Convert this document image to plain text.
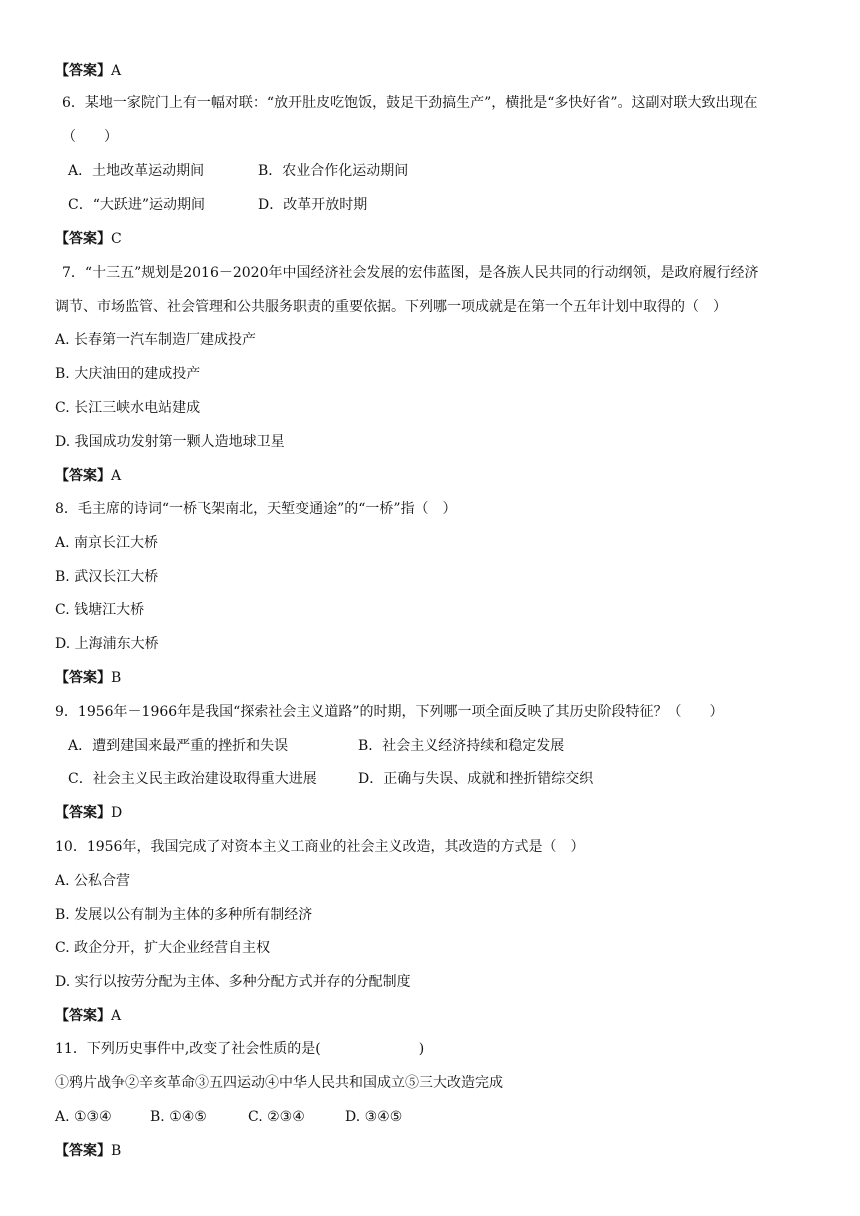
【答案】A
6．某地一家院门上有一幅对联：“放开肚皮吃饱饭，鼓足干劲搞生产”，横批是“多快好省”。这副对联大致出现在
（　　）
A．土地改革运动期间	B．农业合作化运动期间
C．“大跃进”运动期间	D．改革开放时期
【答案】C
7．“十三五”规划是2016－2020年中国经济社会发展的宏伟蓝图，是各族人民共同的行动纲领，是政府履行经济
调节、市场监管、社会管理和公共服务职责的重要依据。下列哪一项成就是在第一个五年计划中取得的（　）
A. 长春第一汽车制造厂建成投产
B. 大庆油田的建成投产
C. 长江三峡水电站建成
D. 我国成功发射第一颗人造地球卫星
【答案】A
8．毛主席的诗词“一桥飞架南北，天堑变通途”的“一桥”指（　）
A. 南京长江大桥
B. 武汉长江大桥
C. 钱塘江大桥
D. 上海浦东大桥
【答案】B
9．1956年－1966年是我国“探索社会主义道路”的时期，下列哪一项全面反映了其历史阶段特征？（　　）
A．遭到建国来最严重的挫折和失误	B．社会主义经济持续和稳定发展
C．社会主义民主政治建设取得重大进展	D．正确与失误、成就和挫折错综交织
【答案】D
10．1956年，我国完成了对资本主义工商业的社会主义改造，其改造的方式是（　）
A. 公私合营
B. 发展以公有制为主体的多种所有制经济
C. 政企分开，扩大企业经营自主权
D. 实行以按劳分配为主体、多种分配方式并存的分配制度
【答案】A
11．下列历史事件中,改变了社会性质的是(　　　　　　　)
①鸦片战争②辛亥革命③五四运动④中华人民共和国成立⑤三大改造完成
A. ①③④	B. ①④⑤	C. ②③④	D. ③④⑤
【答案】B
